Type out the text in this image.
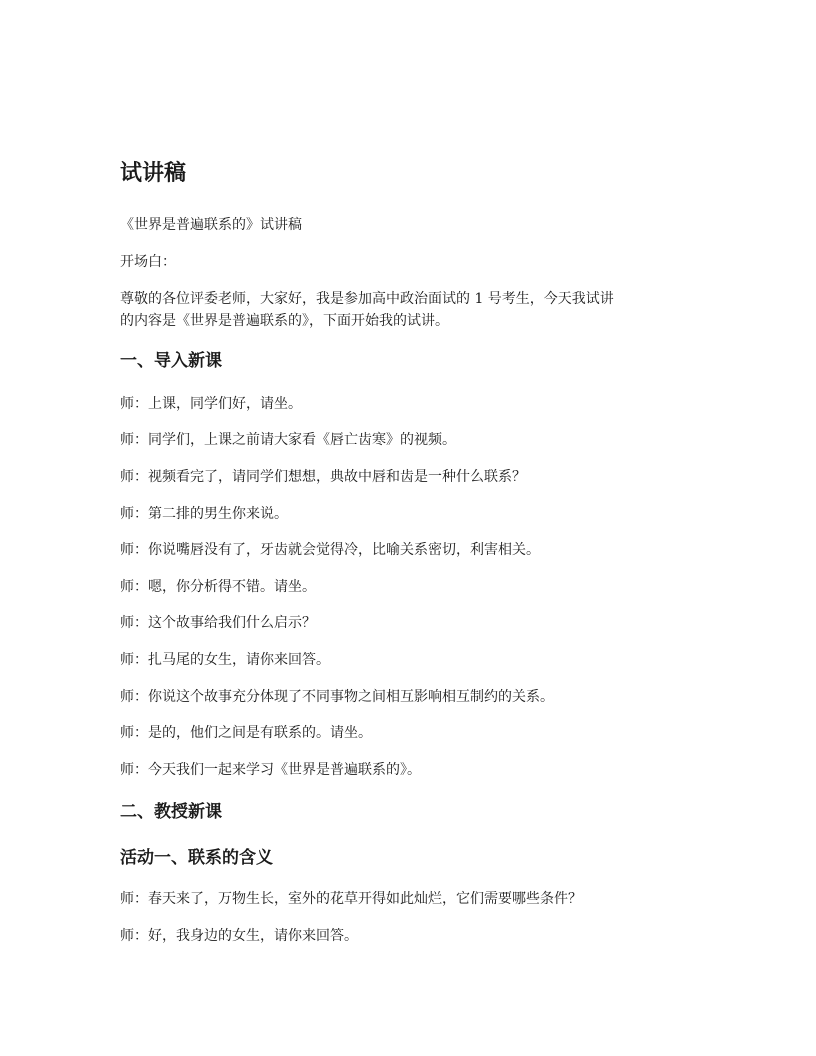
试讲稿

《世界是普遍联系的》试讲稿

开场白：

尊敬的各位评委老师，大家好，我是参加高中政治面试的 1 号考生，今天我试讲

的内容是《世界是普遍联系的》，下面开始我的试讲。

一、导入新课

师：上课，同学们好，请坐。

师：同学们，上课之前请大家看《唇亡齿寒》的视频。

师：视频看完了，请同学们想想，典故中唇和齿是一种什么联系？

师：第二排的男生你来说。

师：你说嘴唇没有了，牙齿就会觉得冷，比喻关系密切，利害相关。

师：嗯，你分析得不错。请坐。

师：这个故事给我们什么启示？

师：扎马尾的女生，请你来回答。

师：你说这个故事充分体现了不同事物之间相互影响相互制约的关系。

师：是的，他们之间是有联系的。请坐。

师：今天我们一起来学习《世界是普遍联系的》。

二、教授新课
活动一、联系的含义

师：春天来了，万物生长，室外的花草开得如此灿烂，它们需要哪些条件？

师：好，我身边的女生，请你来回答。
